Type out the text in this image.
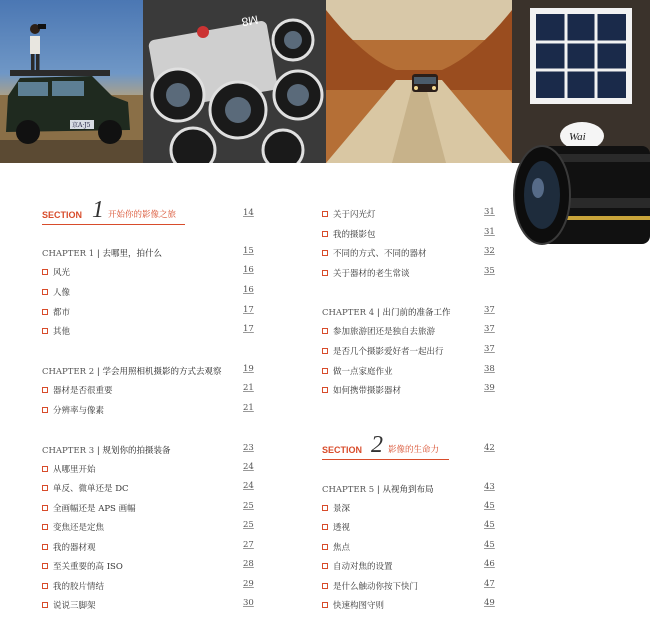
京A·J5
M8
Wai
SECTION 1 开始你的影像之旅	14
CHAPTER 1 | 去哪里，拍什么	15
风光	16
人像	16
都市	17
其他	17
CHAPTER 2 | 学会用照相机摄影的方式去观察	19
器材是否很重要	21
分辨率与像素	21
CHAPTER 3 | 规划你的拍摄装备	23
从哪里开始	24
单反、微单还是 DC	24
全画幅还是 APS 画幅	25
变焦还是定焦	25
我的器材观	27
至关重要的高 ISO	28
我的胶片情结	29
说说三脚架	30
关于闪光灯	31
我的摄影包	31
不同的方式、不同的器材	32
关于器材的老生常谈	35
CHAPTER 4 | 出门前的准备工作	37
参加旅游团还是独自去旅游	37
是否几个摄影爱好者一起出行	37
做一点家庭作业	38
如何携带摄影器材	39
SECTION 2 影像的生命力	42
CHAPTER 5 | 从视角到布局	43
景深	45
透视	45
焦点	45
自动对焦的设置	46
是什么触动你按下快门	47
快速构图守则	49
